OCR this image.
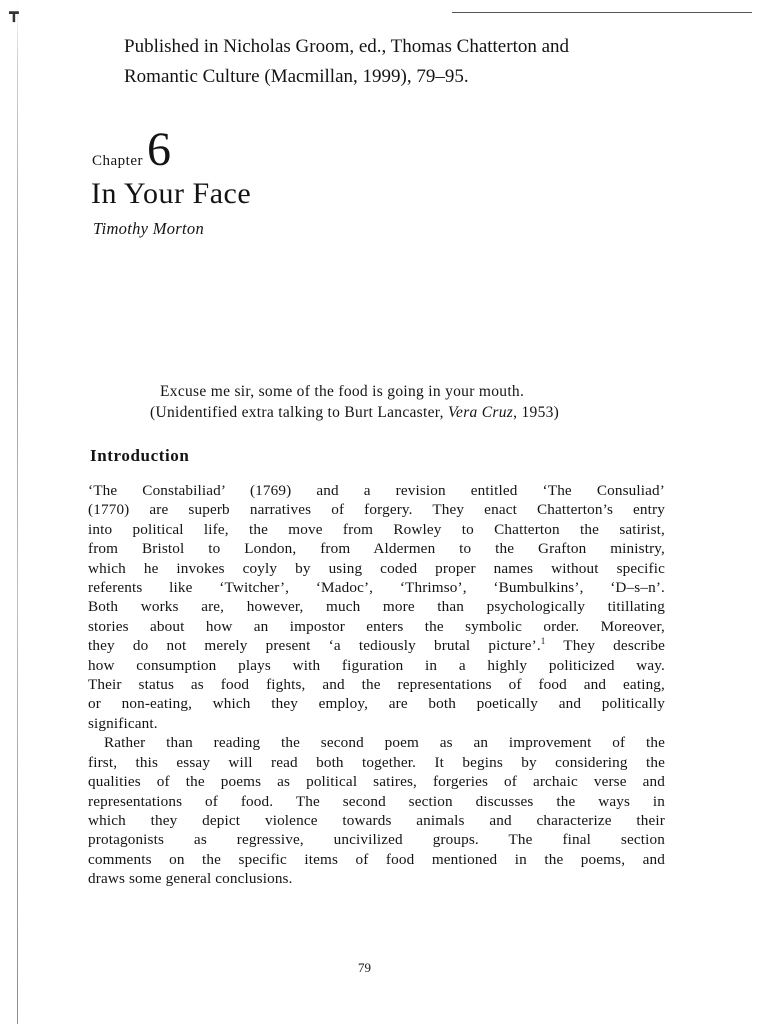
┳
Published in Nicholas Groom, ed., Thomas Chatterton and
Romantic Culture (Macmillan, 1999), 79–95.
Chapter6
In Your Face
Timothy Morton
Excuse me sir, some of the food is going in your mouth.
(Unidentified extra talking to Burt Lancaster, Vera Cruz, 1953)
Introduction
‘The Constabiliad’ (1769) and a revision entitled ‘The Consuliad’
(1770) are superb narratives of forgery. They enact Chatterton’s entry
into political life, the move from Rowley to Chatterton the satirist,
from Bristol to London, from Aldermen to the Grafton ministry,
which he invokes coyly by using coded proper names without specific
referents like ‘Twitcher’, ‘Madoc’, ‘Thrimso’, ‘Bumbulkins’, ‘D–s–n’.
Both works are, however, much more than psychologically titillating
stories about how an impostor enters the symbolic order. Moreover,
they do not merely present ‘a tediously brutal picture’.$^1$ They describe
how consumption plays with figuration in a highly politicized way.
Their status as food fights, and the representations of food and eating,
or non-eating, which they employ, are both poetically and politically
significant.
Rather than reading the second poem as an improvement of the
first, this essay will read both together. It begins by considering the
qualities of the poems as political satires, forgeries of archaic verse and
representations of food. The second section discusses the ways in
which they depict violence towards animals and characterize their
protagonists as regressive, uncivilized groups. The final section
comments on the specific items of food mentioned in the poems, and
draws some general conclusions.
79
